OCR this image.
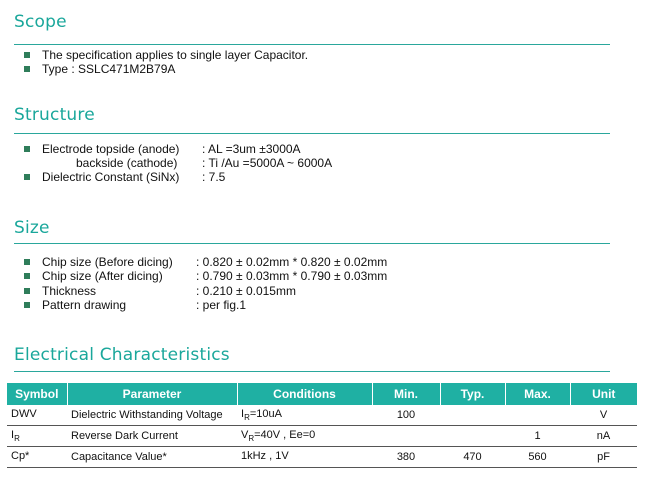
Scope
The specification applies to single layer Capacitor.
Type : SSLC471M2B79A
Structure
Electrode topside (anode) : AL =3um ±3000A
backside (cathode) : Ti /Au =5000A ~ 6000A
Dielectric Constant (SiNx) : 7.5
Size
Chip size (Before dicing) : 0.820 ± 0.02mm * 0.820 ± 0.02mm
Chip size (After dicing)	: 0.790 ± 0.03mm * 0.790 ± 0.03mm
Thickness	: 0.210 ± 0.015mm
Pattern drawing	: per fig.1
Electrical Characteristics
Symbol	Parameter	Conditions	Min.	Typ.	Max.	Unit
DWV	Dielectric Withstanding Voltage	$I_R=10uA$	100			V
$I_R$	Reverse Dark Current	$V_R=40V$ , Ee=0			1	nA
Cp*	Capacitance Value*	1kHz , 1V	380	470	560	pF
